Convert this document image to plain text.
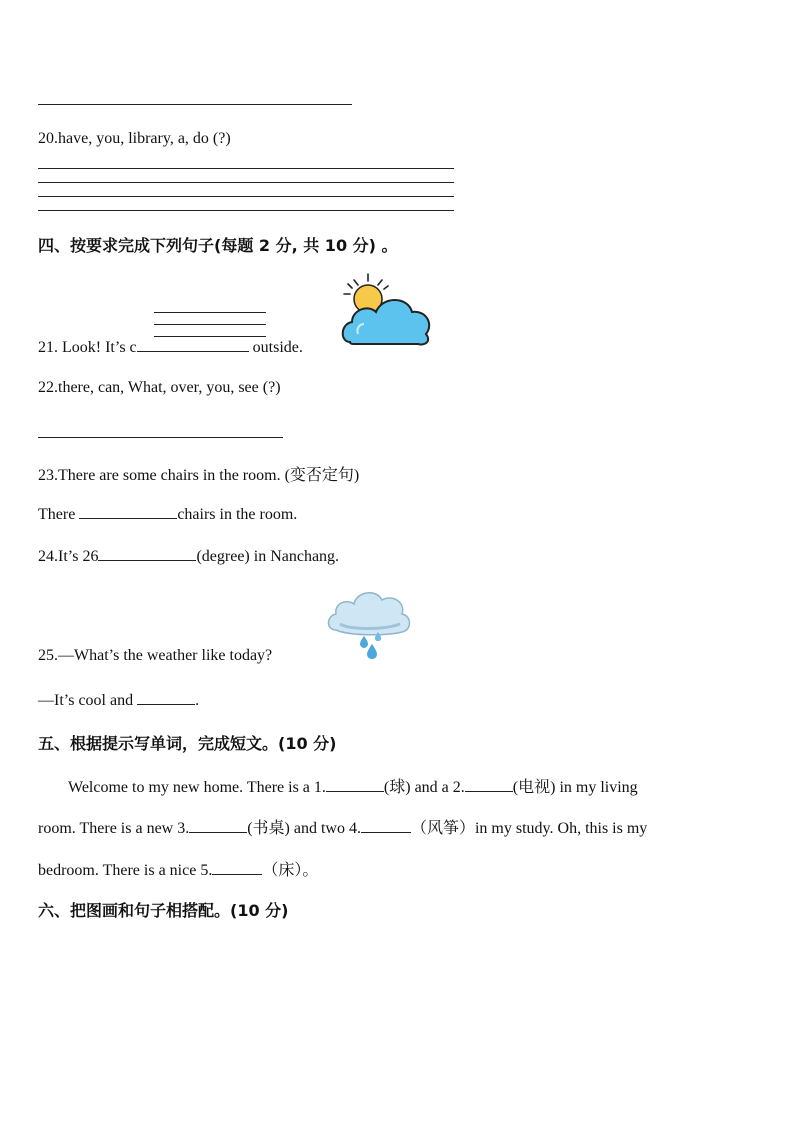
20.have, you, library, a, do (?)
四、按要求完成下列句子(每题 2 分, 共 10 分) 。
21. Look! It’s c	outside.
22.there, can, What, over, you, see (?)
23.There are some chairs in the room. (变否定句)
There	chairs in the room.
24.It’s 26	(degree) in Nanchang.
25.—What’s the weather like today?
—It’s cool and	.
五、根据提示写单词，完成短文。(10 分)
Welcome to my new home. There is a 1.	(球) and a 2.	(电视) in my living
room. There is a new 3.	(书桌) and two 4.	（风筝）in my study. Oh, this is my
bedroom. There is a nice 5.	（床）。
六、把图画和句子相搭配。(10 分)
